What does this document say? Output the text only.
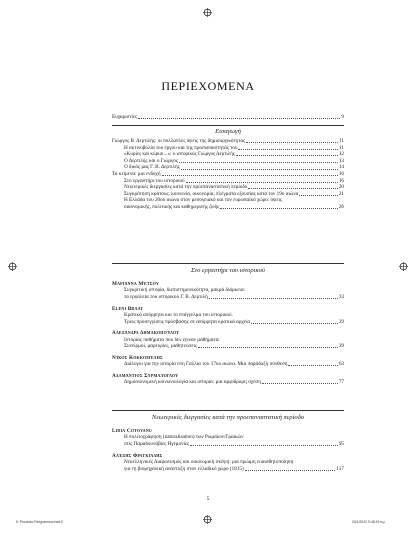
ΠΕΡΙΕΧΟΜΕΝΑ
Ευχαριστίες	9
Εισαγωγή
Γιώργος Β. Δερτιλής: οι πολλαπλές όψεις της δημιουργικότητας	11
Η ακτινοβολία του έργου και της προσωπικότητάς του	11
«Κυρίες και κύριοι...»: ο ιστορικός Γιώργος Δερτιλής	12
Ο Δερτιλής και ο Γιώργος	13
Ο δικός μας Γ. Β. Δερτιλής	14
Τα κείμενα: μια ενδοχή	16
Στο εργαστήρι του ιστορικού	16
Νεωτερικές διεργασίες κατά την προεπαναστατική περίοδο	20
Συγκρότηση κράτους: κοινωνία, οικονομία, πλέγματα εξουσίας κατά τον 19ο αιώνα	21
Η Ελλάδα του 20ού αιώνα στον μεσογειακό και τον ευρωπαϊκό χώρο: όψεις
οικονομικής, πολιτικής και καθημερινής ζωής	26
Στο εργαστήρι του ιστορικού
Μαριάννα Μέτσου
Συγκριτική ιστορία, διεπιστημονικότητα, μακρά διάρκεια:
τα εργαλεία του ιστορικού Γ. Β. Δερτιλή	33
Eleni Braat
Κρατικά απόρρητα και το επάγγελμα του ιστορικού.
Τρεις προσεγγίσεις πρόσβασης σε απόρρητα κρατικά αρχεία	29
Αλεξάνδρα Δημακοπούλου
Ιστορίας παθήματα που δεν έγιναν μαθήματα:
Συνείρμοί, μαρτυρίες, μαθητεύσεις	39
Νίκος Κοκκομέλης
Διάλογοι για την ιστορία στη Γαλλία του 17ου αιώνα. Μια παράδοξη σύνθεση	63
Αδαμάντιος Συρμαλόγλου
Δημοσιονομική κοινωνιολογία και ιστορία: μια αμφίδρομη σχέση	77
Νεωτερικές διεργασίες κατά την προεπαναστατική περίοδο
Lidia Cotovanu
Η πολιτογράφηση (naturalisation) των Ρωμαίων/Γραικών
στις Παραδουνάβιες Ηγεμονίες	95
Αλέξης Φραγκιάδης
Νεοελληνικές Διαφωτισμός και οικονομική σκέψη: μια πρώιμη ευαισθητοποίηση
για τη βιομηχανική ανάπτυξη στον ελλαδικό χώρο (1815)	117
5
5. Prooimio-Perigramma.indd 5	20/1/2022 9:48:19 πμ
